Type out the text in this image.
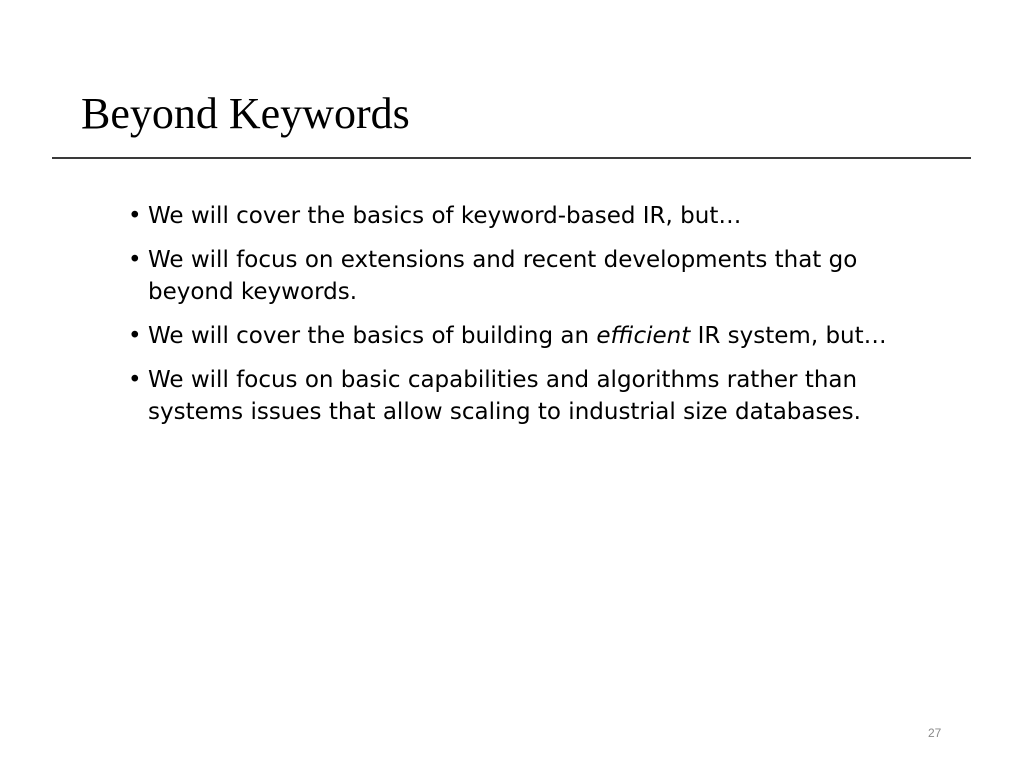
Beyond Keywords
• We will cover the basics of keyword-based IR, but…
• We will focus on extensions and recent developments that go beyond keywords.
• We will cover the basics of building an efficient IR system, but…
• We will focus on basic capabilities and algorithms rather than systems issues that allow scaling to industrial size databases.
27
